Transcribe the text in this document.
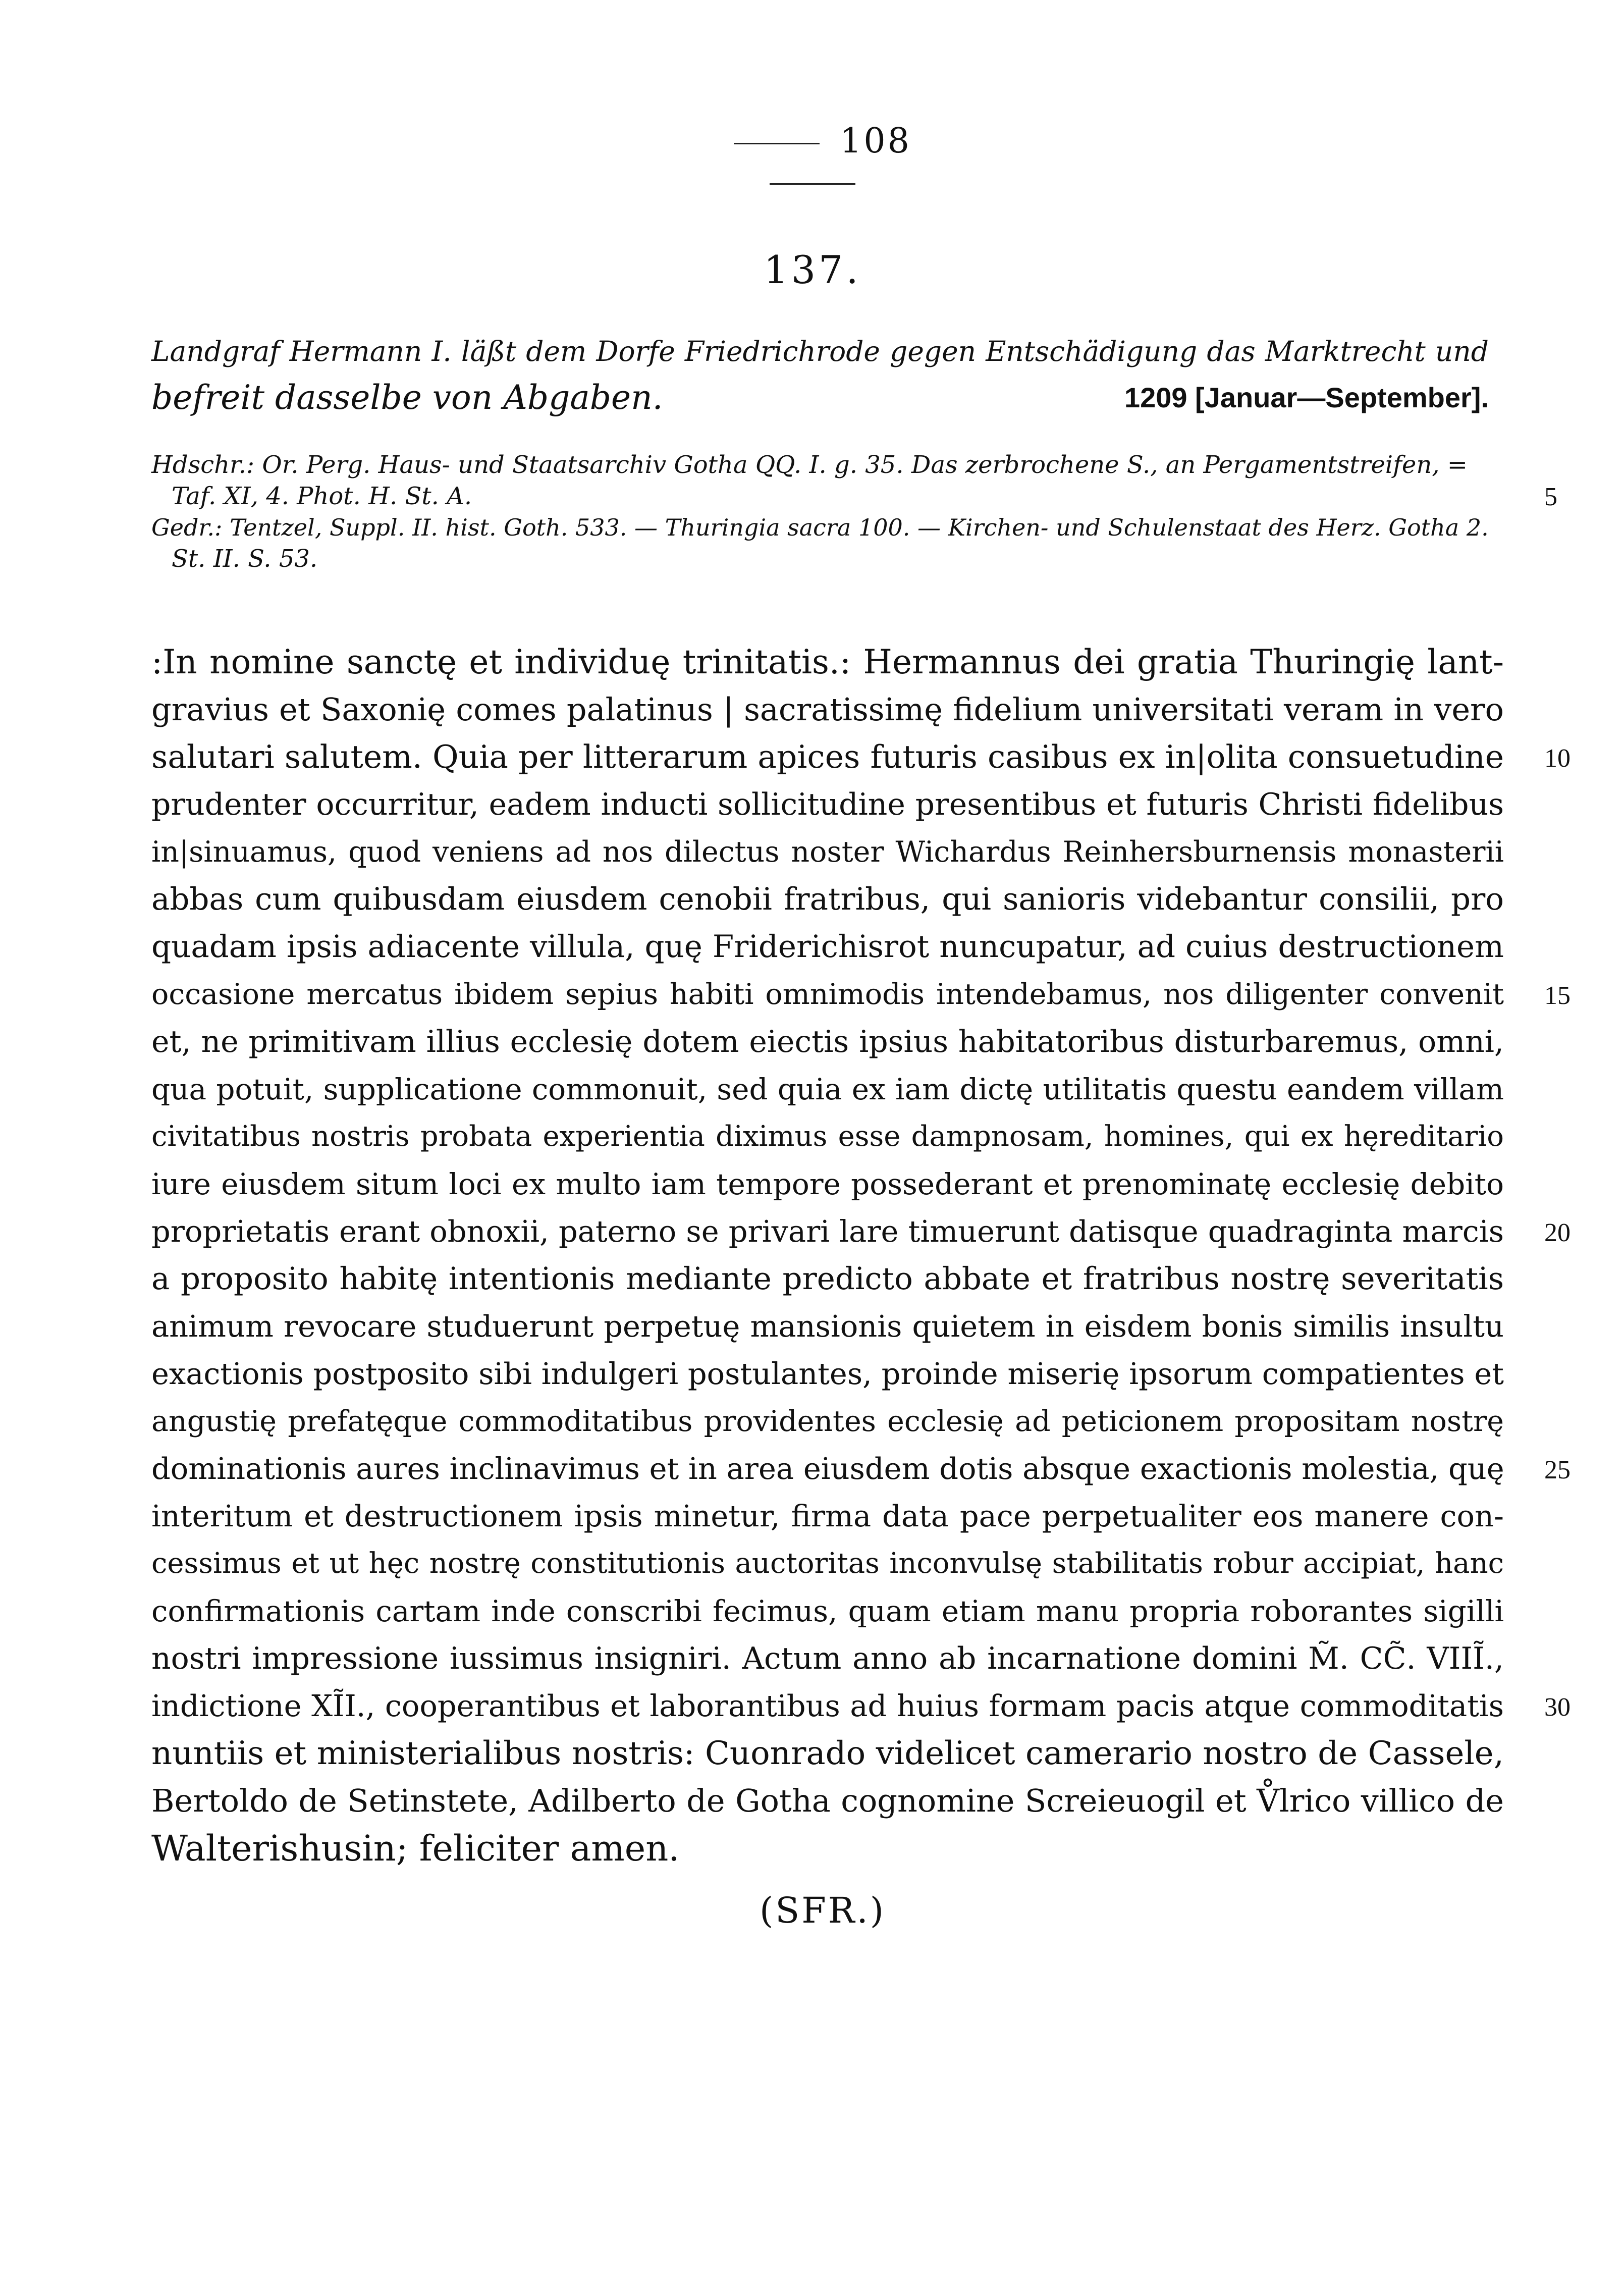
108
137.
Landgraf Hermann I. läßt dem Dorfe Friedrichrode gegen Entschädigung das Marktrecht und
befreit dasselbe von Abgaben.	1209 [Januar—September].
Hdschr.: Or. Perg. Haus- und Staatsarchiv Gotha QQ. I. g. 35. Das zerbrochene S., an Pergamentstreifen, =
Taf. XI, 4. Phot. H. St. A.
Gedr.: Tentzel, Suppl. II. hist. Goth. 533. — Thuringia sacra 100. — Kirchen- und Schulenstaat des Herz. Gotha 2.
St. II. S. 53.
5
:In nomine sanctę et individuę trinitatis.: Hermannus dei gratia Thuringię lant-
gravius et Saxonię comes palatinus | sacratissimę fidelium universitati veram in vero
salutari salutem. Quia per litterarum apices futuris casibus ex in|olita consuetudine
prudenter occurritur, eadem inducti sollicitudine presentibus et futuris Christi fidelibus
in|sinuamus, quod veniens ad nos dilectus noster Wichardus Reinhersburnensis monasterii
abbas cum quibusdam eiusdem cenobii fratribus, qui sanioris videbantur consilii, pro
quadam ipsis adiacente villula, quę Friderichisrot nuncupatur, ad cuius destructionem
occasione mercatus ibidem sepius habiti omnimodis intendebamus, nos diligenter convenit
et, ne primitivam illius ecclesię dotem eiectis ipsius habitatoribus disturbaremus, omni,
qua potuit, supplicatione commonuit, sed quia ex iam dictę utilitatis questu eandem villam
civitatibus nostris probata experientia diximus esse dampnosam, homines, qui ex hęreditario
iure eiusdem situm loci ex multo iam tempore possederant et prenominatę ecclesię debito
proprietatis erant obnoxii, paterno se privari lare timuerunt datisque quadraginta marcis
a proposito habitę intentionis mediante predicto abbate et fratribus nostrę severitatis
animum revocare studuerunt perpetuę mansionis quietem in eisdem bonis similis insultu
exactionis postposito sibi indulgeri postulantes, proinde miserię ipsorum compatientes et
angustię prefatęque commoditatibus providentes ecclesię ad peticionem propositam nostrę
dominationis aures inclinavimus et in area eiusdem dotis absque exactionis molestia, quę
interitum et destructionem ipsis minetur, firma data pace perpetualiter eos manere con-
cessimus et ut hęc nostrę constitutionis auctoritas inconvulsę stabilitatis robur accipiat, hanc
confirmationis cartam inde conscribi fecimus, quam etiam manu propria roborantes sigilli
nostri impressione iussimus insigniri. Actum anno ab incarnatione domini M̃. CC̃. VIIĨ.,
indictione XĨI., cooperantibus et laborantibus ad huius formam pacis atque commoditatis
nuntiis et ministerialibus nostris: Cuonrado videlicet camerario nostro de Cassele,
Bertoldo de Setinstete, Adilberto de Gotha cognomine Screieuogil et V̊lrico villico de
Walterishusin; feliciter amen.
10
15
20
25
30
(SFR.)
